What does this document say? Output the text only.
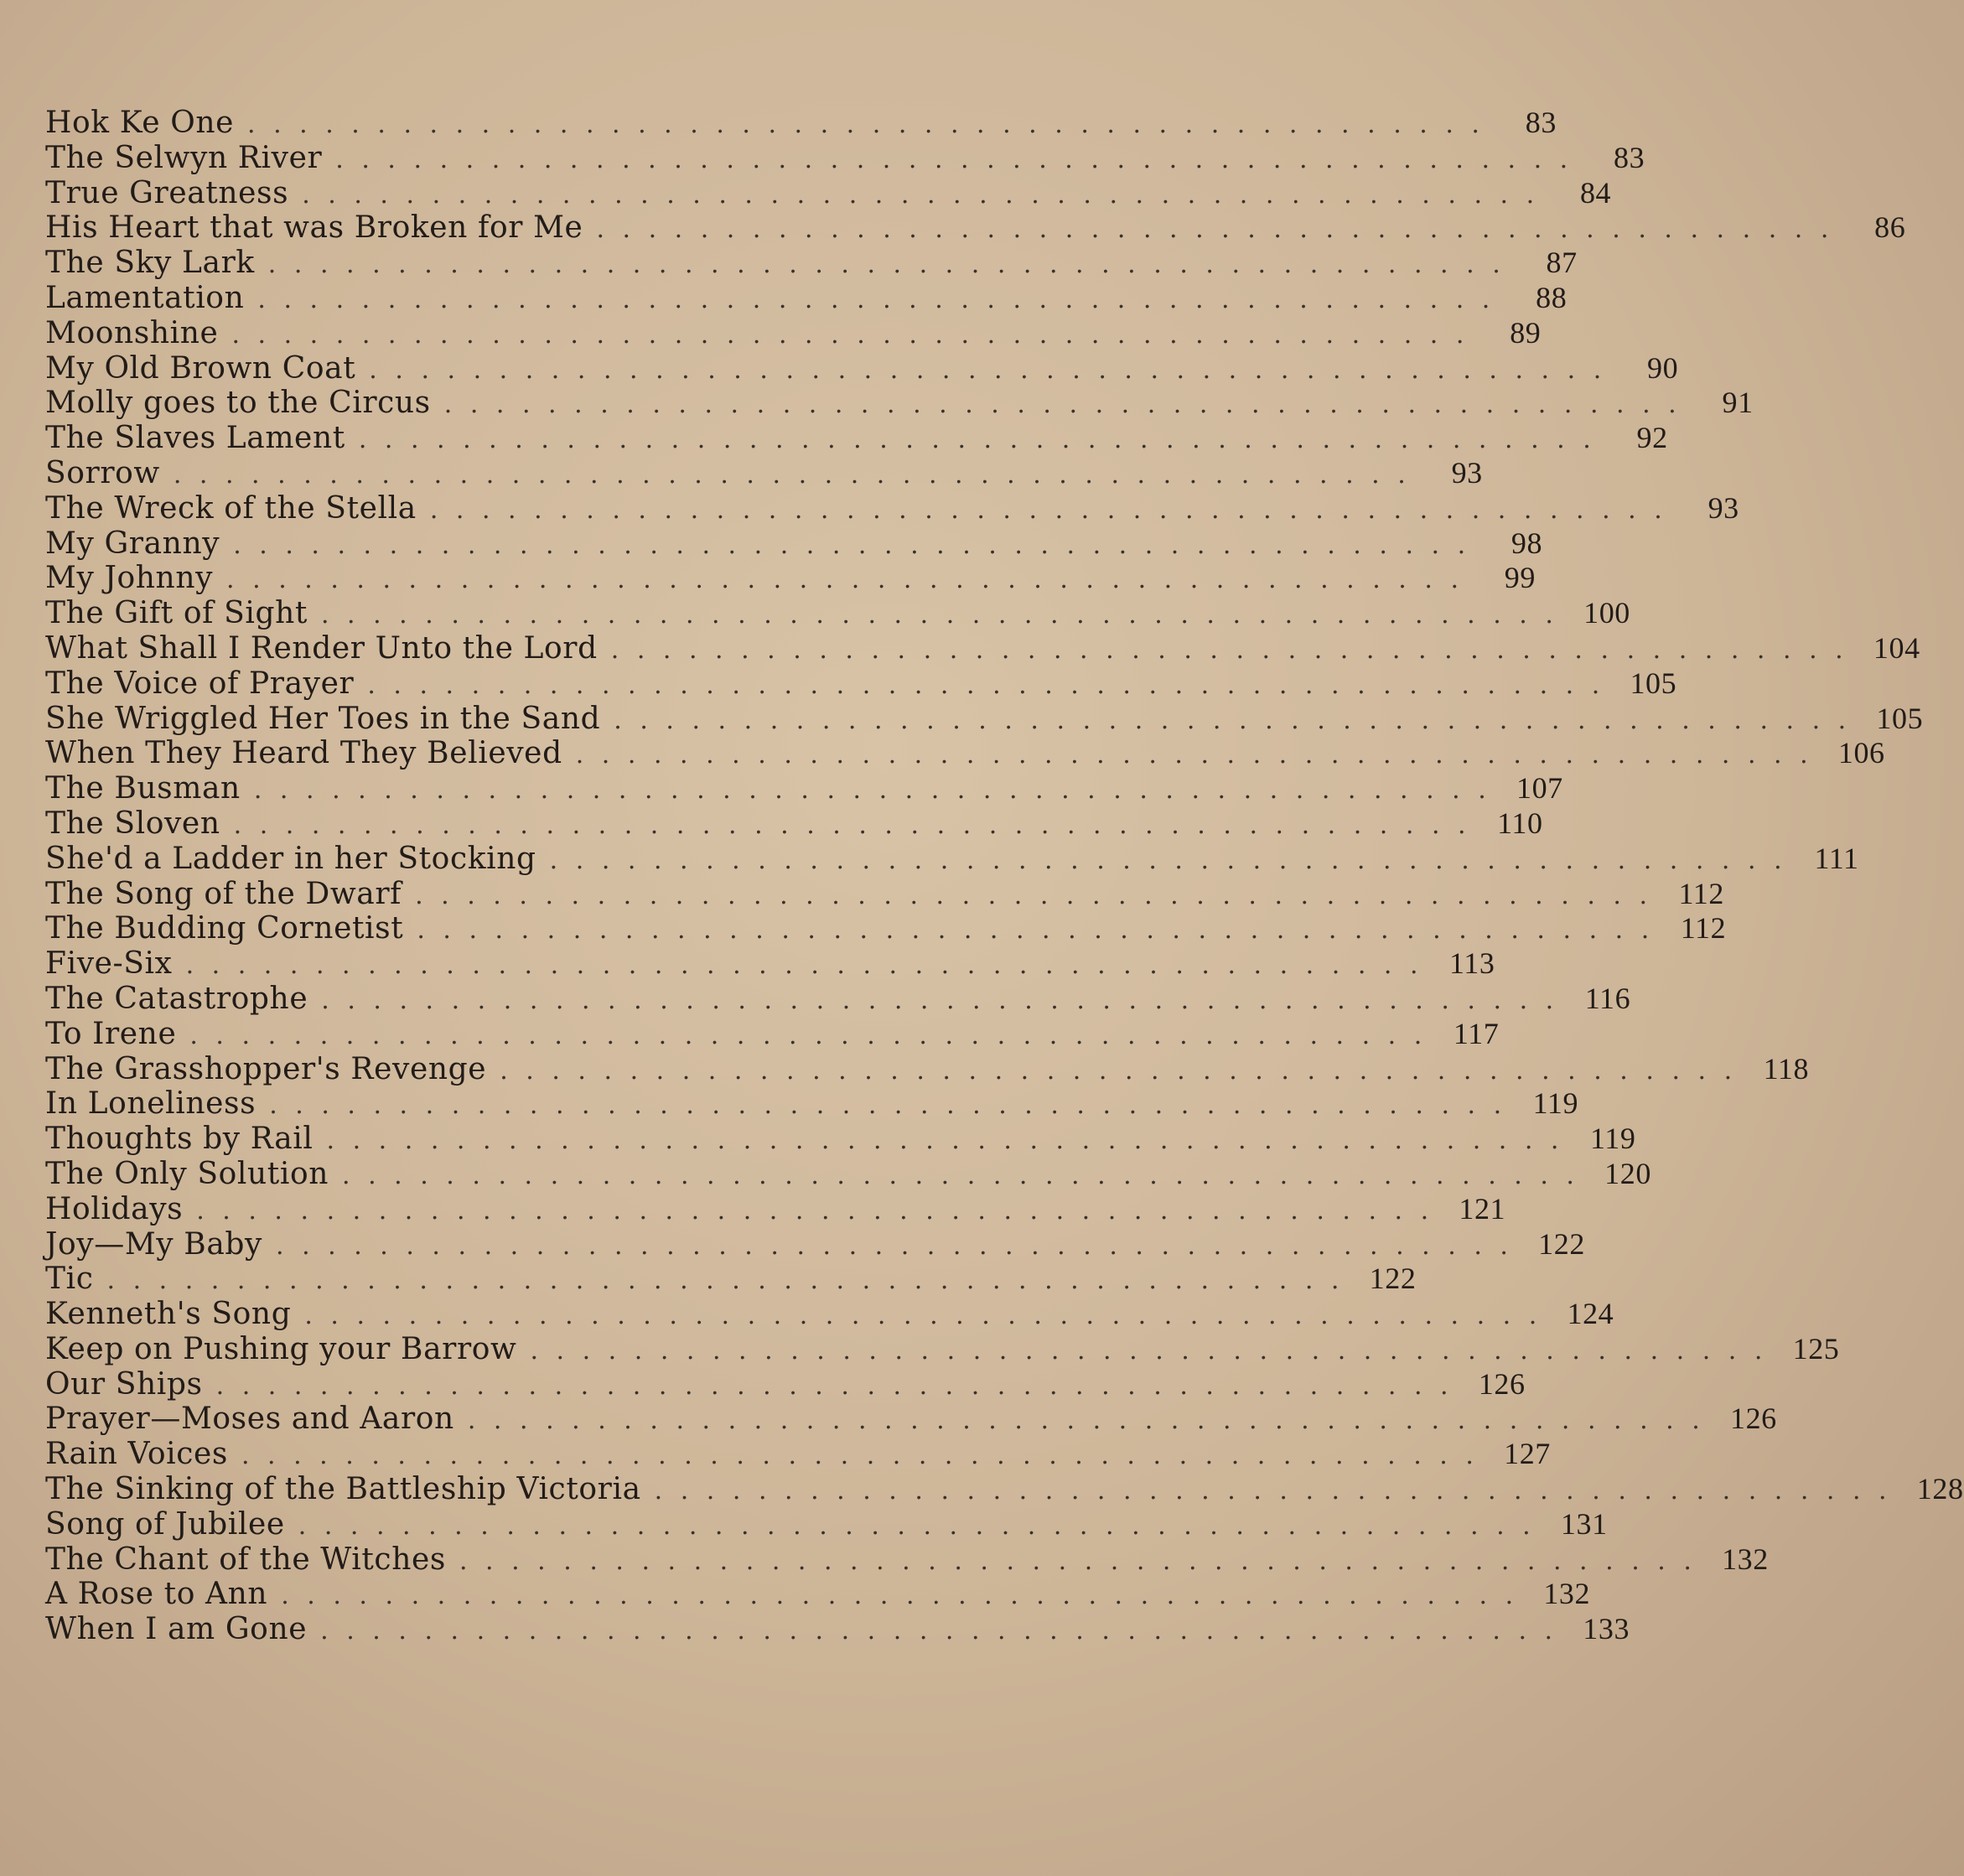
Hok Ke One . . . . . . . . . . . . . . . . . . . . . . . . . . . . . . . . . . . . . . . . . . . . . . . .	83
The Selwyn River . . . . . . . . . . . . . . . . . . . . . . . . . . . . . . . . . . . . . . . . . . . . . . . .	83
True Greatness . . . . . . . . . . . . . . . . . . . . . . . . . . . . . . . . . . . . . . . . . . . . . . . .	84
His Heart that was Broken for Me . . . . . . . . . . . . . . . . . . . . . . . . . . . . . . . . . . . . . . . . . . . . . . . .	86
The Sky Lark . . . . . . . . . . . . . . . . . . . . . . . . . . . . . . . . . . . . . . . . . . . . . . . .	87
Lamentation . . . . . . . . . . . . . . . . . . . . . . . . . . . . . . . . . . . . . . . . . . . . . . . .	88
Moonshine . . . . . . . . . . . . . . . . . . . . . . . . . . . . . . . . . . . . . . . . . . . . . . . .	89
My Old Brown Coat . . . . . . . . . . . . . . . . . . . . . . . . . . . . . . . . . . . . . . . . . . . . . . . .	90
Molly goes to the Circus . . . . . . . . . . . . . . . . . . . . . . . . . . . . . . . . . . . . . . . . . . . . . . . .	91
The Slaves Lament . . . . . . . . . . . . . . . . . . . . . . . . . . . . . . . . . . . . . . . . . . . . . . . .	92
Sorrow . . . . . . . . . . . . . . . . . . . . . . . . . . . . . . . . . . . . . . . . . . . . . . . .	93
The Wreck of the Stella . . . . . . . . . . . . . . . . . . . . . . . . . . . . . . . . . . . . . . . . . . . . . . . .	93
My Granny . . . . . . . . . . . . . . . . . . . . . . . . . . . . . . . . . . . . . . . . . . . . . . . .	98
My Johnny . . . . . . . . . . . . . . . . . . . . . . . . . . . . . . . . . . . . . . . . . . . . . . . .	99
The Gift of Sight . . . . . . . . . . . . . . . . . . . . . . . . . . . . . . . . . . . . . . . . . . . . . . . . 100
What Shall I Render Unto the Lord . . . . . . . . . . . . . . . . . . . . . . . . . . . . . . . . . . . . . . . . . . . . . . . . 104
The Voice of Prayer . . . . . . . . . . . . . . . . . . . . . . . . . . . . . . . . . . . . . . . . . . . . . . . . 105
She Wriggled Her Toes in the Sand . . . . . . . . . . . . . . . . . . . . . . . . . . . . . . . . . . . . . . . . . . . . . . . . 105
When They Heard They Believed . . . . . . . . . . . . . . . . . . . . . . . . . . . . . . . . . . . . . . . . . . . . . . . . 106
The Busman . . . . . . . . . . . . . . . . . . . . . . . . . . . . . . . . . . . . . . . . . . . . . . . . 107
The Sloven . . . . . . . . . . . . . . . . . . . . . . . . . . . . . . . . . . . . . . . . . . . . . . . . 110
She'd a Ladder in her Stocking . . . . . . . . . . . . . . . . . . . . . . . . . . . . . . . . . . . . . . . . . . . . . . . . 111
The Song of the Dwarf . . . . . . . . . . . . . . . . . . . . . . . . . . . . . . . . . . . . . . . . . . . . . . . . 112
The Budding Cornetist . . . . . . . . . . . . . . . . . . . . . . . . . . . . . . . . . . . . . . . . . . . . . . . . 112
Five-Six . . . . . . . . . . . . . . . . . . . . . . . . . . . . . . . . . . . . . . . . . . . . . . . . 113
The Catastrophe . . . . . . . . . . . . . . . . . . . . . . . . . . . . . . . . . . . . . . . . . . . . . . . . 116
To Irene . . . . . . . . . . . . . . . . . . . . . . . . . . . . . . . . . . . . . . . . . . . . . . . . 117
The Grasshopper's Revenge . . . . . . . . . . . . . . . . . . . . . . . . . . . . . . . . . . . . . . . . . . . . . . . . 118
In Loneliness . . . . . . . . . . . . . . . . . . . . . . . . . . . . . . . . . . . . . . . . . . . . . . . . 119
Thoughts by Rail . . . . . . . . . . . . . . . . . . . . . . . . . . . . . . . . . . . . . . . . . . . . . . . . 119
The Only Solution . . . . . . . . . . . . . . . . . . . . . . . . . . . . . . . . . . . . . . . . . . . . . . . . 120
Holidays . . . . . . . . . . . . . . . . . . . . . . . . . . . . . . . . . . . . . . . . . . . . . . . . 121
Joy—My Baby . . . . . . . . . . . . . . . . . . . . . . . . . . . . . . . . . . . . . . . . . . . . . . . . 122
Tic . . . . . . . . . . . . . . . . . . . . . . . . . . . . . . . . . . . . . . . . . . . . . . . . 122
Kenneth's Song . . . . . . . . . . . . . . . . . . . . . . . . . . . . . . . . . . . . . . . . . . . . . . . . 124
Keep on Pushing your Barrow . . . . . . . . . . . . . . . . . . . . . . . . . . . . . . . . . . . . . . . . . . . . . . . . 125
Our Ships . . . . . . . . . . . . . . . . . . . . . . . . . . . . . . . . . . . . . . . . . . . . . . . . 126
Prayer—Moses and Aaron . . . . . . . . . . . . . . . . . . . . . . . . . . . . . . . . . . . . . . . . . . . . . . . . 126
Rain Voices . . . . . . . . . . . . . . . . . . . . . . . . . . . . . . . . . . . . . . . . . . . . . . . . 127
The Sinking of the Battleship Victoria . . . . . . . . . . . . . . . . . . . . . . . . . . . . . . . . . . . . . . . . . . . . . . . . 128
Song of Jubilee . . . . . . . . . . . . . . . . . . . . . . . . . . . . . . . . . . . . . . . . . . . . . . . . 131
The Chant of the Witches . . . . . . . . . . . . . . . . . . . . . . . . . . . . . . . . . . . . . . . . . . . . . . . . 132
A Rose to Ann . . . . . . . . . . . . . . . . . . . . . . . . . . . . . . . . . . . . . . . . . . . . . . . . 132
When I am Gone . . . . . . . . . . . . . . . . . . . . . . . . . . . . . . . . . . . . . . . . . . . . . . . . 133
